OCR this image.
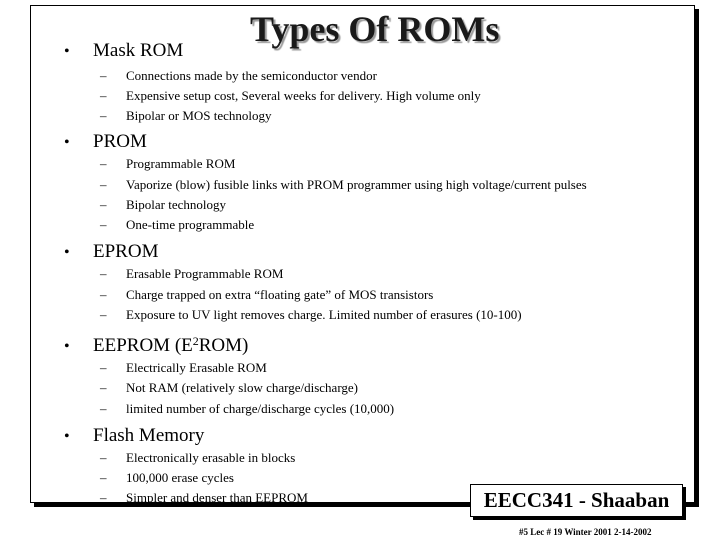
Types Of ROMs
• Mask ROM
– Connections made by the semiconductor vendor
– Expensive setup cost, Several weeks for delivery. High volume only
– Bipolar or MOS technology
• PROM
– Programmable ROM
– Vaporize (blow) fusible links with PROM programmer using high voltage/current pulses
– Bipolar technology
– One-time programmable
• EPROM
– Erasable Programmable ROM
– Charge trapped on extra “floating gate” of MOS transistors
– Exposure to UV light removes charge. Limited number of erasures (10-100)
• EEPROM $(E^2ROM)$
– Electrically Erasable ROM
– Not RAM (relatively slow charge/discharge)
– limited number of charge/discharge cycles (10,000)
• Flash Memory
– Electronically erasable in blocks
– 100,000 erase cycles
– Simpler and denser than EEPROM	EECC341 - Shaaban
#5 Lec # 19 Winter 2001 2-14-2002
